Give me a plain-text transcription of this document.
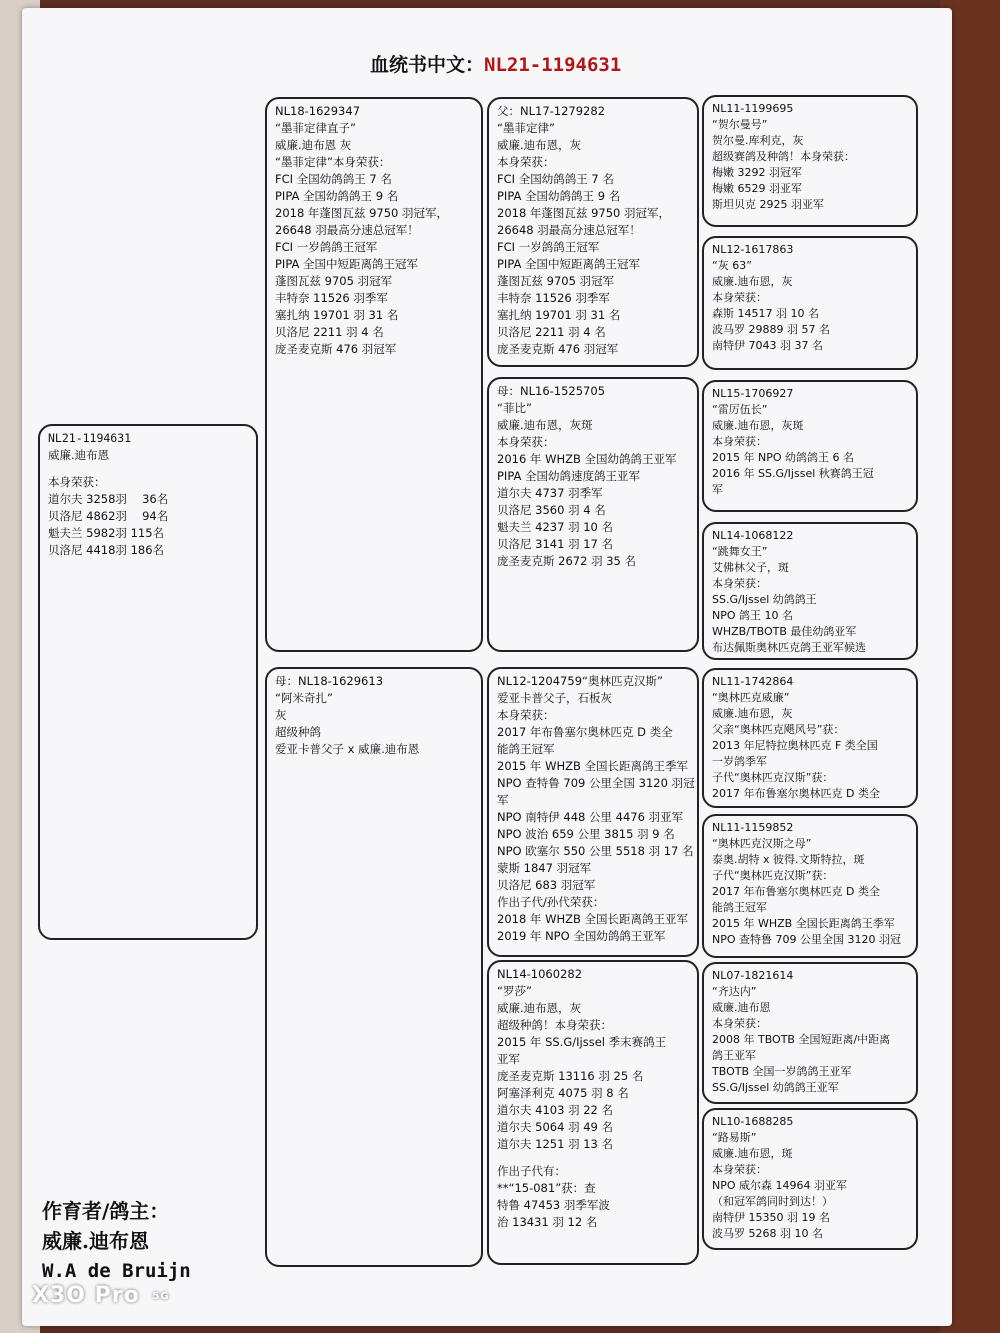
血统书中文：NL21-1194631
NL21-1194631
威廉.迪布恩
本身荣获：
道尔夫 3258羽　 36名
贝洛尼 4862羽　 94名
魁夫兰 5982羽 115名
贝洛尼 4418羽 186名
NL18-1629347
“墨菲定律直子”
威廉.迪布恩 灰
“墨菲定律”本身荣获：
FCI 全国幼鸽鸽王 7 名
PIPA 全国幼鸽鸽王 9 名
2018 年蓬图瓦兹 9750 羽冠军，
26648 羽最高分速总冠军！
FCI 一岁鸽鸽王冠军
PIPA 全国中短距离鸽王冠军
蓬图瓦兹 9705 羽冠军
丰特奈 11526 羽季军
塞扎纳 19701 羽 31 名
贝洛尼 2211 羽 4 名
庞圣麦克斯 476 羽冠军
母：NL18-1629613
“阿米奇扎”
灰
超级种鸽
爱亚卡普父子 x 威廉.迪布恩
父：NL17-1279282
“墨菲定律”
威廉.迪布恩，灰
本身荣获：
FCI 全国幼鸽鸽王 7 名
PIPA 全国幼鸽鸽王 9 名
2018 年蓬图瓦兹 9750 羽冠军，
26648 羽最高分速总冠军！
FCI 一岁鸽鸽王冠军
PIPA 全国中短距离鸽王冠军
蓬图瓦兹 9705 羽冠军
丰特奈 11526 羽季军
塞扎纳 19701 羽 31 名
贝洛尼 2211 羽 4 名
庞圣麦克斯 476 羽冠军
母：NL16-1525705
“菲比”
威廉.迪布恩，灰斑
本身荣获：
2016 年 WHZB 全国幼鸽鸽王亚军
PIPA 全国幼鸽速度鸽王亚军
道尔夫 4737 羽季军
贝洛尼 3560 羽 4 名
魁夫兰 4237 羽 10 名
贝洛尼 3141 羽 17 名
庞圣麦克斯 2672 羽 35 名
NL12-1204759“奥林匹克汉斯”
爱亚卡普父子，石板灰
本身荣获：
2017 年布鲁塞尔奥林匹克 D 类全
能鸽王冠军
2015 年 WHZB 全国长距离鸽王季军
NPO 查特鲁 709 公里全国 3120 羽冠
军
NPO 南特伊 448 公里 4476 羽亚军
NPO 波治 659 公里 3815 羽 9 名
NPO 欧塞尔 550 公里 5518 羽 17 名
蒙斯 1847 羽冠军
贝洛尼 683 羽冠军
作出子代/孙代荣获：
2018 年 WHZB 全国长距离鸽王亚军
2019 年 NPO 全国幼鸽鸽王亚军
NL14-1060282
“罗莎”
威廉.迪布恩，灰
超级种鸽！本身荣获：
2015 年 SS.G/Ijssel 季末赛鸽王
亚军
庞圣麦克斯 13116 羽 25 名
阿塞泽利克 4075 羽 8 名
道尔夫 4103 羽 22 名
道尔夫 5064 羽 49 名
道尔夫 1251 羽 13 名
作出子代有：
**“15-081”获：查
特鲁 47453 羽季军波
治 13431 羽 12 名
NL11-1199695
“贺尔曼号”
贺尔曼.库利克，灰
超级赛鸽及种鸽！本身荣获：
梅嫩 3292 羽冠军
梅嫩 6529 羽亚军
斯坦贝克 2925 羽亚军
NL12-1617863
“灰 63”
威廉.迪布恩，灰
本身荣获：
森斯 14517 羽 10 名
波马罗 29889 羽 57 名
南特伊 7043 羽 37 名
NL15-1706927
“雷厉伍长”
威廉.迪布恩，灰斑
本身荣获：
2015 年 NPO 幼鸽鸽王 6 名
2016 年 SS.G/Ijssel 秋赛鸽王冠
军
NL14-1068122
“跳舞女王”
艾佛林父子，斑
本身荣获：
SS.G/Ijssel 幼鸽鸽王
NPO 鸽王 10 名
WHZB/TBOTB 最佳幼鸽亚军
布达佩斯奥林匹克鸽王亚军候选
NL11-1742864
“奥林匹克威廉”
威廉.迪布恩，灰
父亲“奥林匹克飓风号”获：
2013 年尼特拉奥林匹克 F 类全国
一岁鸽季军
子代“奥林匹克汉斯”获：
2017 年布鲁塞尔奥林匹克 D 类全
NL11-1159852
“奥林匹克汉斯之母”
泰奥.胡特 x 彼得.文斯特拉，斑
子代“奥林匹克汉斯”获：
2017 年布鲁塞尔奥林匹克 D 类全
能鸽王冠军
2015 年 WHZB 全国长距离鸽王季军
NPO 查特鲁 709 公里全国 3120 羽冠
NL07-1821614
“齐达内”
威廉.迪布恩
本身荣获：
2008 年 TBOTB 全国短距离/中距离
鸽王亚军
TBOTB 全国一岁鸽鸽王亚军
SS.G/Ijssel 幼鸽鸽王亚军
NL10-1688285
“路易斯”
威廉.迪布恩，斑
本身荣获：
NPO 威尔森 14964 羽亚军
（和冠军鸽同时到达！）
南特伊 15350 羽 19 名
波马罗 5268 羽 10 名
作育者/鸽主：
威廉.迪布恩
W.A de Bruijn
X3O Pro 5G
